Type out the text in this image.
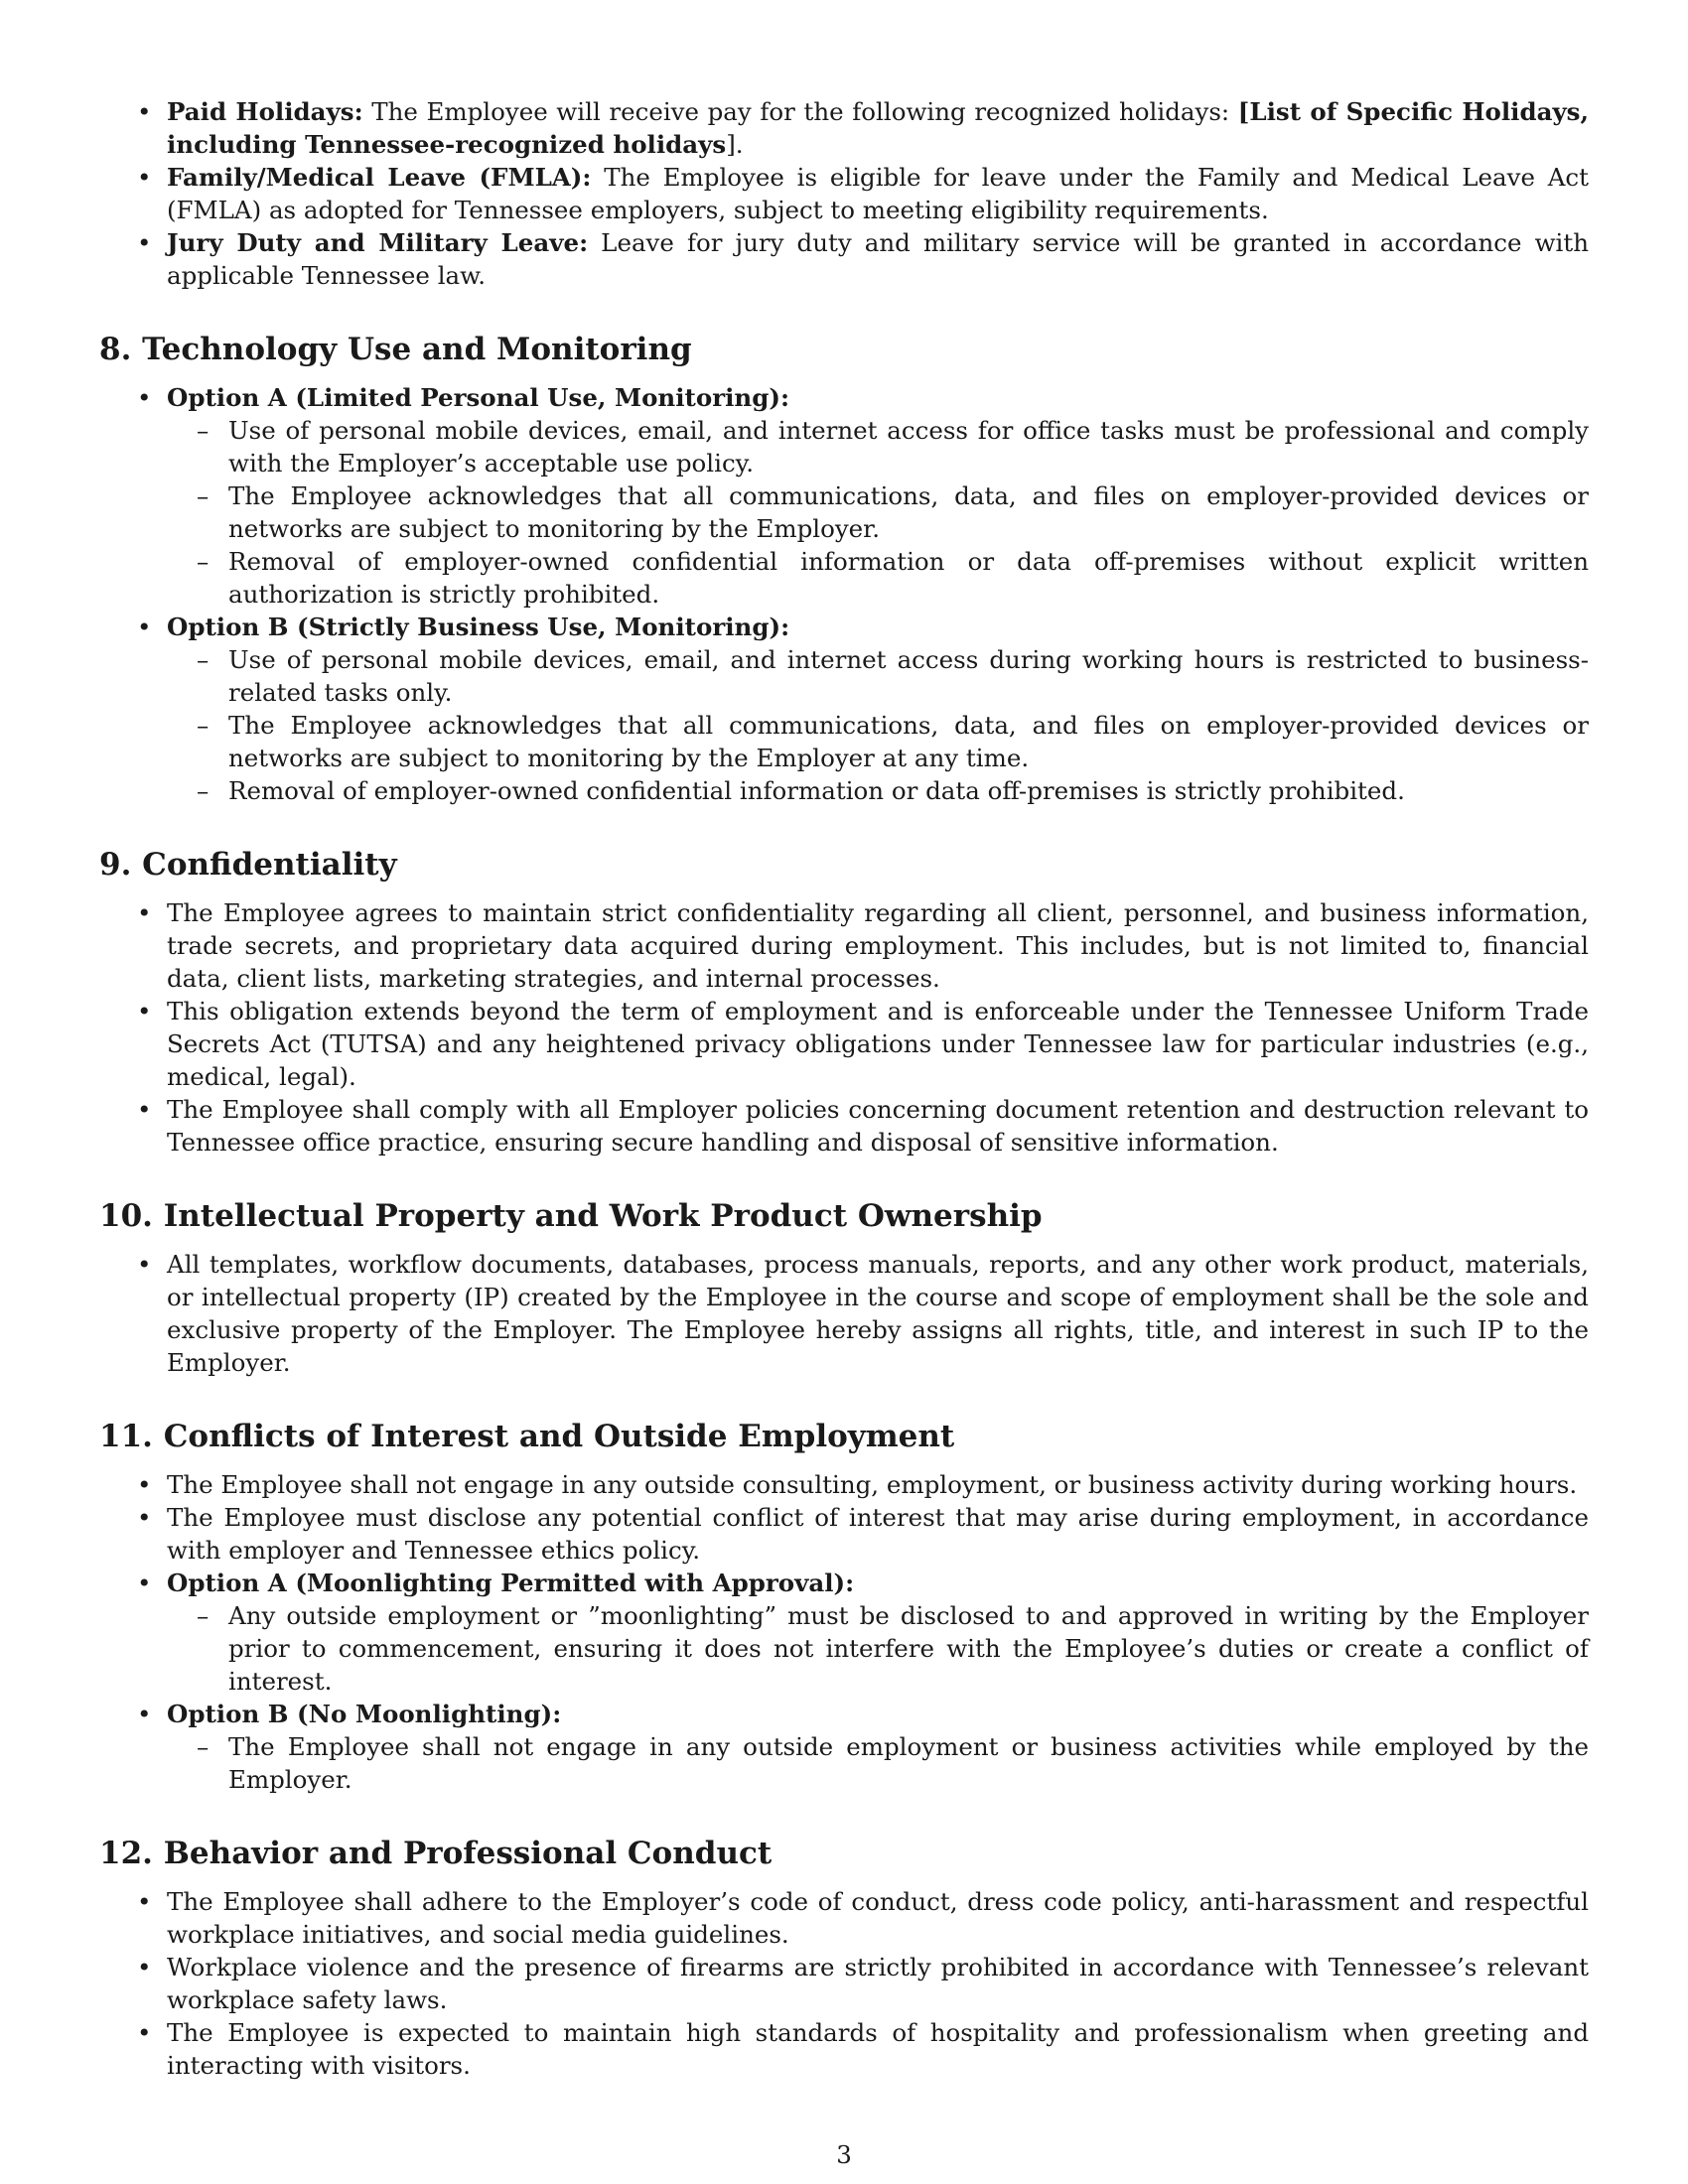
• Paid Holidays: The Employee will receive pay for the following recognized holidays: [List of Specific Holidays, including Tennessee-recognized holidays].
• Family/Medical Leave (FMLA): The Employee is eligible for leave under the Family and Medical Leave Act (FMLA) as adopted for Tennessee employers, subject to meeting eligibility requirements.
• Jury Duty and Military Leave: Leave for jury duty and military service will be granted in accordance with applicable Tennessee law.
8. Technology Use and Monitoring
• Option A (Limited Personal Use, Monitoring):
– Use of personal mobile devices, email, and internet access for office tasks must be professional and comply with the Employer’s acceptable use policy.
– The Employee acknowledges that all communications, data, and files on employer-provided devices or networks are subject to monitoring by the Employer.
– Removal of employer-owned confidential information or data off-premises without explicit written authorization is strictly prohibited.
• Option B (Strictly Business Use, Monitoring):
– Use of personal mobile devices, email, and internet access during working hours is restricted to business-related tasks only.
– The Employee acknowledges that all communications, data, and files on employer-provided devices or networks are subject to monitoring by the Employer at any time.
– Removal of employer-owned confidential information or data off-premises is strictly prohibited.
9. Confidentiality
• The Employee agrees to maintain strict confidentiality regarding all client, personnel, and business information, trade secrets, and proprietary data acquired during employment. This includes, but is not limited to, financial data, client lists, marketing strategies, and internal processes.
• This obligation extends beyond the term of employment and is enforceable under the Tennessee Uniform Trade Secrets Act (TUTSA) and any heightened privacy obligations under Tennessee law for particular industries (e.g., medical, legal).
• The Employee shall comply with all Employer policies concerning document retention and destruction relevant to Tennessee office practice, ensuring secure handling and disposal of sensitive information.
10. Intellectual Property and Work Product Ownership
• All templates, workflow documents, databases, process manuals, reports, and any other work product, materials, or intellectual property (IP) created by the Employee in the course and scope of employment shall be the sole and exclusive property of the Employer. The Employee hereby assigns all rights, title, and interest in such IP to the Employer.
11. Conflicts of Interest and Outside Employment
• The Employee shall not engage in any outside consulting, employment, or business activity during working hours.
• The Employee must disclose any potential conflict of interest that may arise during employment, in accordance with employer and Tennessee ethics policy.
• Option A (Moonlighting Permitted with Approval):
– Any outside employment or ”moonlighting” must be disclosed to and approved in writing by the Employer prior to commencement, ensuring it does not interfere with the Employee’s duties or create a conflict of interest.
• Option B (No Moonlighting):
– The Employee shall not engage in any outside employment or business activities while employed by the Employer.
12. Behavior and Professional Conduct
• The Employee shall adhere to the Employer’s code of conduct, dress code policy, anti-harassment and respectful workplace initiatives, and social media guidelines.
• Workplace violence and the presence of firearms are strictly prohibited in accordance with Tennessee’s relevant workplace safety laws.
• The Employee is expected to maintain high standards of hospitality and professionalism when greeting and interacting with visitors.
3
